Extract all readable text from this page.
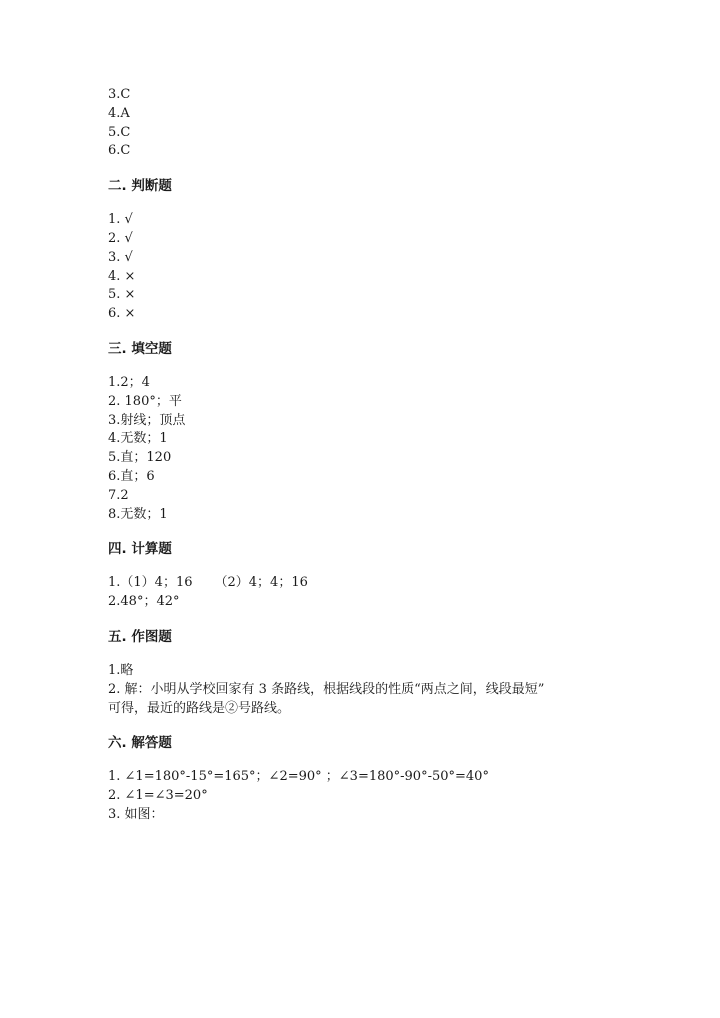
3.C
4.A
5.C
6.C
二. 判断题
1. √
2. √
3. √
4. ×
5. ×
6. ×
三. 填空题
1.2；4
2. 180°；平
3.射线；顶点
4.无数；1
5.直；120
6.直；6
7.2
8.无数；1
四. 计算题
1.（1）4；16 （2）4；4；16
2.48°；42°
五. 作图题
1.略
2. 解：小明从学校回家有 3 条路线，根据线段的性质“两点之间，线段最短”
可得，最近的路线是②号路线。
六. 解答题
1. ∠1=180°-15°=165°；∠2=90° ；∠3=180°-90°-50°=40°
2. ∠1=∠3=20°
3. 如图：
